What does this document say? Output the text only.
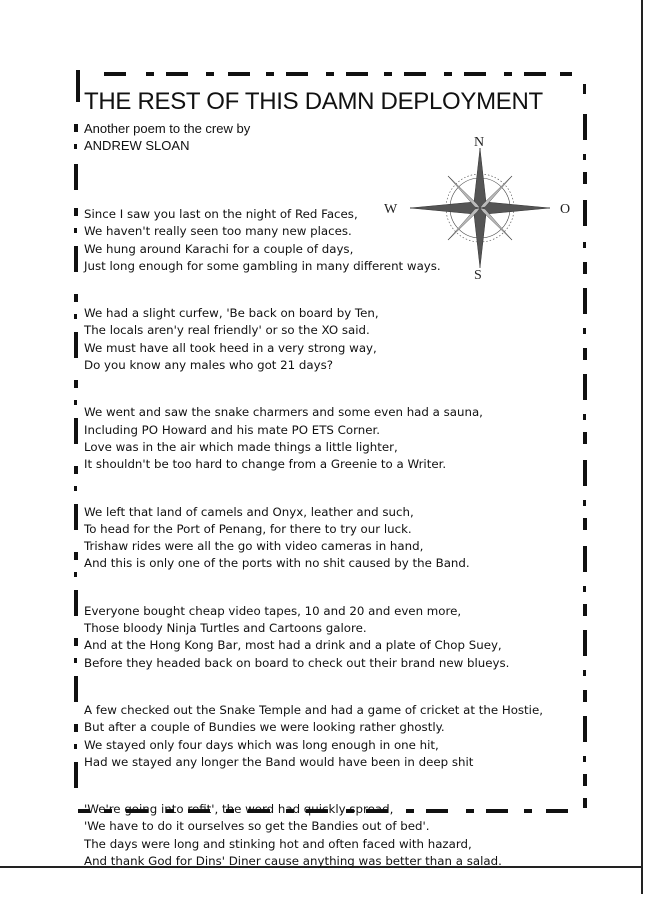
THE REST OF THIS DAMN DEPLOYMENT
Another poem to the crew by
ANDREW SLOAN	N
S
W	O
Since I saw you last on the night of Red Faces,
We haven't really seen too many new places.
We hung around Karachi for a couple of days,
Just long enough for some gambling in many different ways.
We had a slight curfew, 'Be back on board by Ten,
The locals aren'y real friendly' or so the XO said.
We must have all took heed in a very strong way,
Do you know any males who got 21 days?
We went and saw the snake charmers and some even had a sauna,
Including PO Howard and his mate PO ETS Corner.
Love was in the air which made things a little lighter,
It shouldn't be too hard to change from a Greenie to a Writer.
We left that land of camels and Onyx, leather and such,
To head for the Port of Penang, for there to try our luck.
Trishaw rides were all the go with video cameras in hand,
And this is only one of the ports with no shit caused by the Band.
Everyone bought cheap video tapes, 10 and 20 and even more,
Those bloody Ninja Turtles and Cartoons galore.
And at the Hong Kong Bar, most had a drink and a plate of Chop Suey,
Before they headed back on board to check out their brand new blueys.
A few checked out the Snake Temple and had a game of cricket at the Hostie,
But after a couple of Bundies we were looking rather ghostly.
We stayed only four days which was long enough in one hit,
Had we stayed any longer the Band would have been in deep shit
'We're going into refit', the word had quickly spread,
'We have to do it ourselves so get the Bandies out of bed'.
The days were long and stinking hot and often faced with hazard,
And thank God for Dins' Diner cause anything was better than a salad.
